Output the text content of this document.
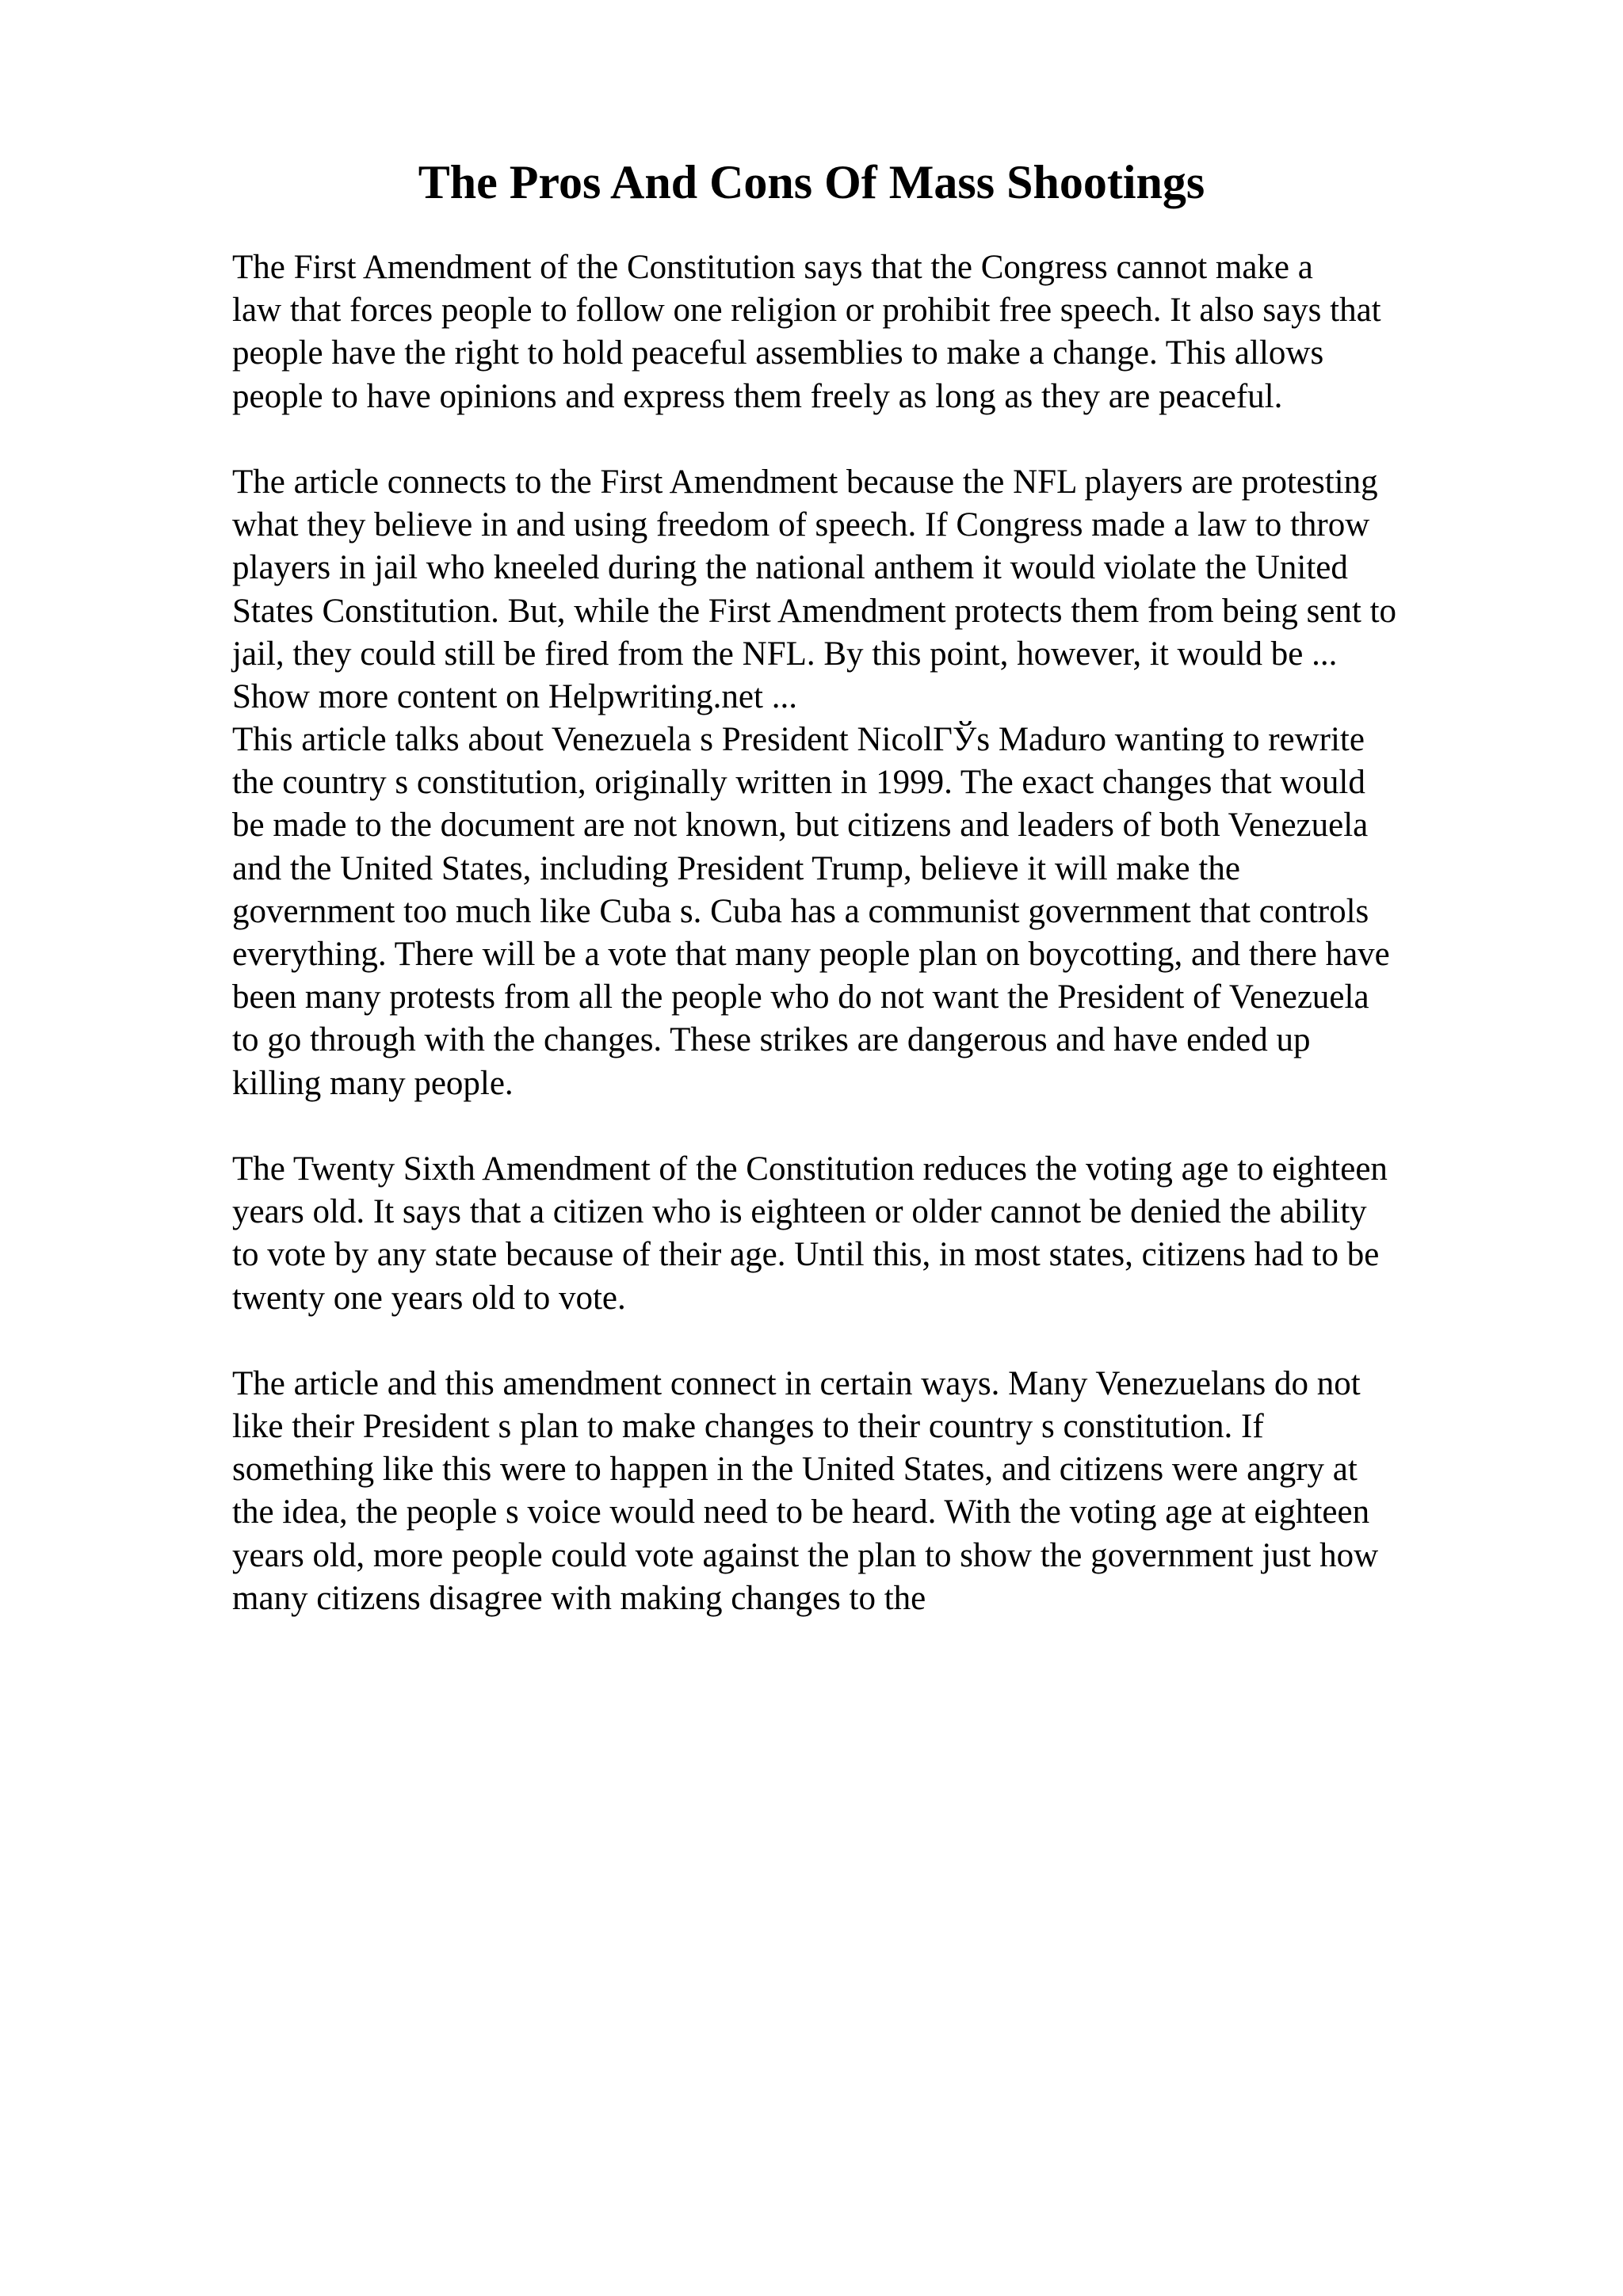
The Pros And Cons Of Mass Shootings
The First Amendment of the Constitution says that the Congress cannot make a
law that forces people to follow one religion or prohibit free speech. It also says that
people have the right to hold peaceful assemblies to make a change. This allows
people to have opinions and express them freely as long as they are peaceful.
The article connects to the First Amendment because the NFL players are protesting
what they believe in and using freedom of speech. If Congress made a law to throw
players in jail who kneeled during the national anthem it would violate the United
States Constitution. But, while the First Amendment protects them from being sent to
jail, they could still be fired from the NFL. By this point, however, it would be ...
Show more content on Helpwriting.net ...
This article talks about Venezuela s President NicolГЎs Maduro wanting to rewrite
the country s constitution, originally written in 1999. The exact changes that would
be made to the document are not known, but citizens and leaders of both Venezuela
and the United States, including President Trump, believe it will make the
government too much like Cuba s. Cuba has a communist government that controls
everything. There will be a vote that many people plan on boycotting, and there have
been many protests from all the people who do not want the President of Venezuela
to go through with the changes. These strikes are dangerous and have ended up
killing many people.
The Twenty Sixth Amendment of the Constitution reduces the voting age to eighteen
years old. It says that a citizen who is eighteen or older cannot be denied the ability
to vote by any state because of their age. Until this, in most states, citizens had to be
twenty one years old to vote.
The article and this amendment connect in certain ways. Many Venezuelans do not
like their President s plan to make changes to their country s constitution. If
something like this were to happen in the United States, and citizens were angry at
the idea, the people s voice would need to be heard. With the voting age at eighteen
years old, more people could vote against the plan to show the government just how
many citizens disagree with making changes to the
